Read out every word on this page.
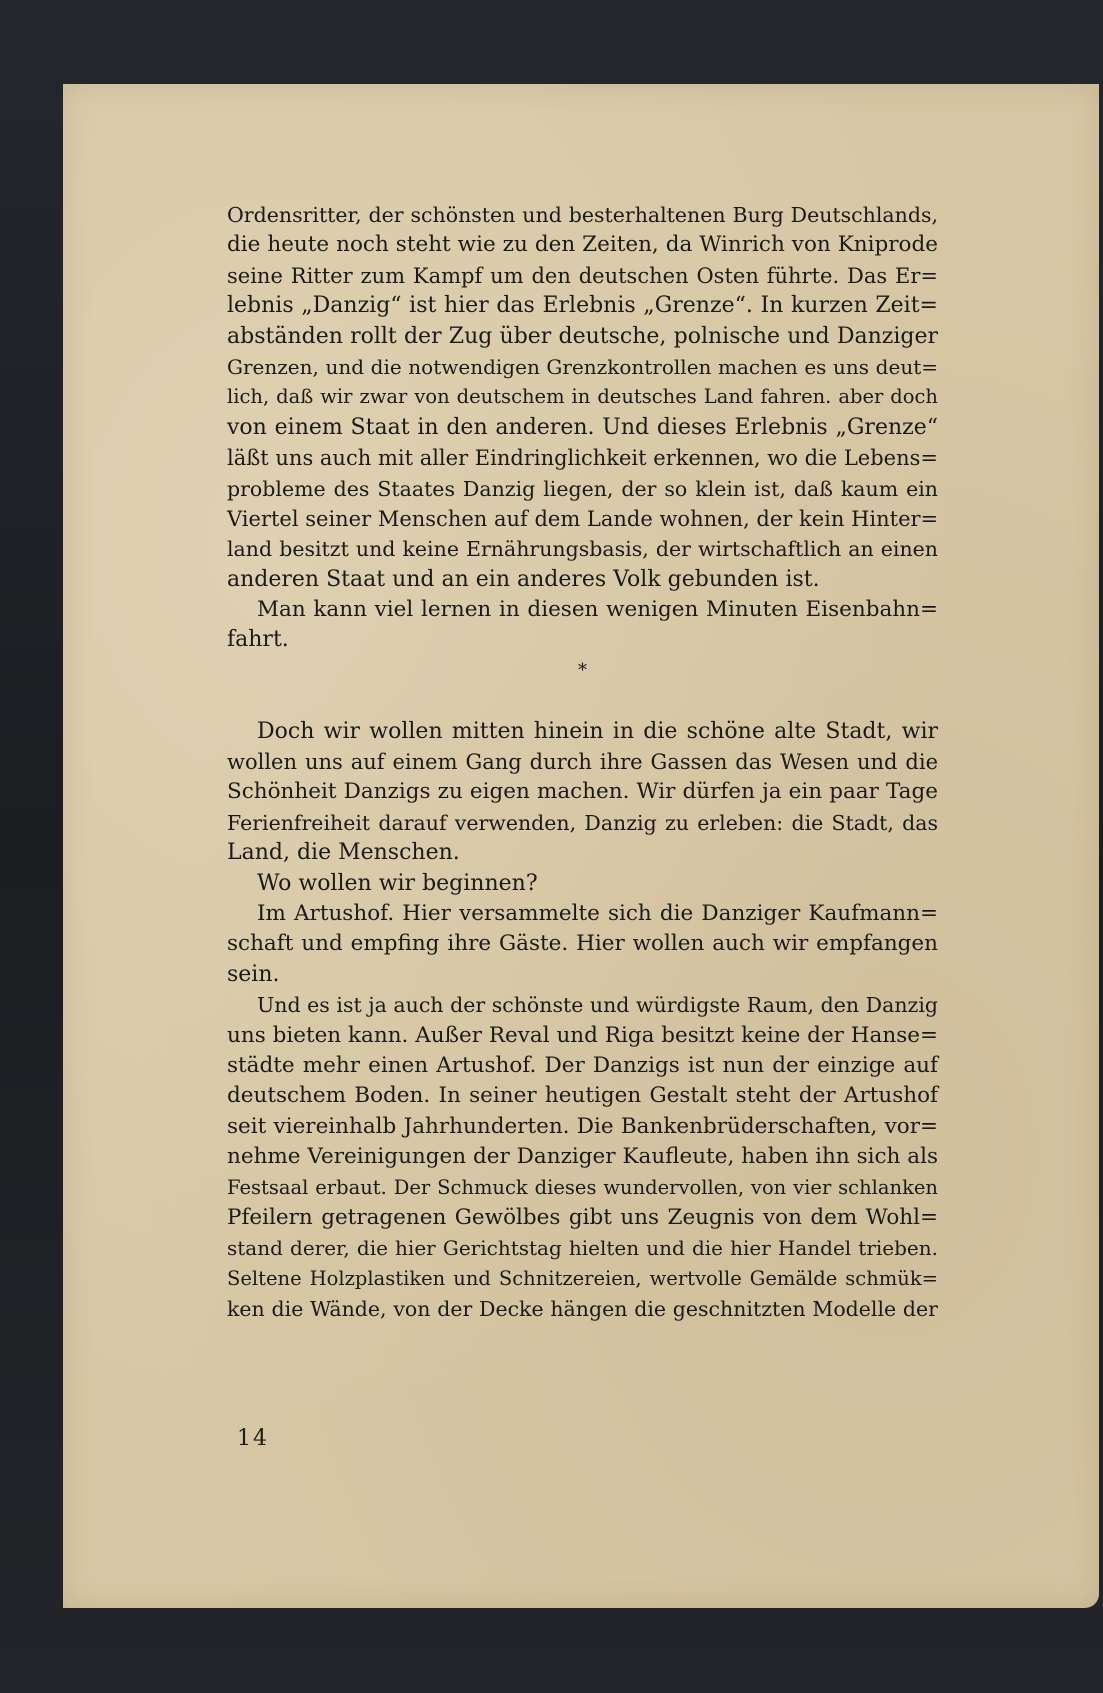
Ordensritter, der schönsten und besterhaltenen Burg Deutschlands,
die heute noch steht wie zu den Zeiten, da Winrich von Kniprode
seine Ritter zum Kampf um den deutschen Osten führte. Das Er=
lebnis „Danzig“ ist hier das Erlebnis „Grenze“. In kurzen Zeit=
abständen rollt der Zug über deutsche, polnische und Danziger
Grenzen, und die notwendigen Grenzkontrollen machen es uns deut=
lich, daß wir zwar von deutschem in deutsches Land fahren. aber doch
von einem Staat in den anderen. Und dieses Erlebnis „Grenze“
läßt uns auch mit aller Eindringlichkeit erkennen, wo die Lebens=
probleme des Staates Danzig liegen, der so klein ist, daß kaum ein
Viertel seiner Menschen auf dem Lande wohnen, der kein Hinter=
land besitzt und keine Ernährungsbasis, der wirtschaftlich an einen
anderen Staat und an ein anderes Volk gebunden ist.
Man kann viel lernen in diesen wenigen Minuten Eisenbahn=
fahrt.
*
Doch wir wollen mitten hinein in die schöne alte Stadt, wir
wollen uns auf einem Gang durch ihre Gassen das Wesen und die
Schönheit Danzigs zu eigen machen. Wir dürfen ja ein paar Tage
Ferienfreiheit darauf verwenden, Danzig zu erleben: die Stadt, das
Land, die Menschen.
Wo wollen wir beginnen?
Im Artushof. Hier versammelte sich die Danziger Kaufmann=
schaft und empfing ihre Gäste. Hier wollen auch wir empfangen
sein.
Und es ist ja auch der schönste und würdigste Raum, den Danzig
uns bieten kann. Außer Reval und Riga besitzt keine der Hanse=
städte mehr einen Artushof. Der Danzigs ist nun der einzige auf
deutschem Boden. In seiner heutigen Gestalt steht der Artushof
seit viereinhalb Jahrhunderten. Die Bankenbrüderschaften, vor=
nehme Vereinigungen der Danziger Kaufleute, haben ihn sich als
Festsaal erbaut. Der Schmuck dieses wundervollen, von vier schlanken
Pfeilern getragenen Gewölbes gibt uns Zeugnis von dem Wohl=
stand derer, die hier Gerichtstag hielten und die hier Handel trieben.
Seltene Holzplastiken und Schnitzereien, wertvolle Gemälde schmük=
ken die Wände, von der Decke hängen die geschnitzten Modelle der
14
